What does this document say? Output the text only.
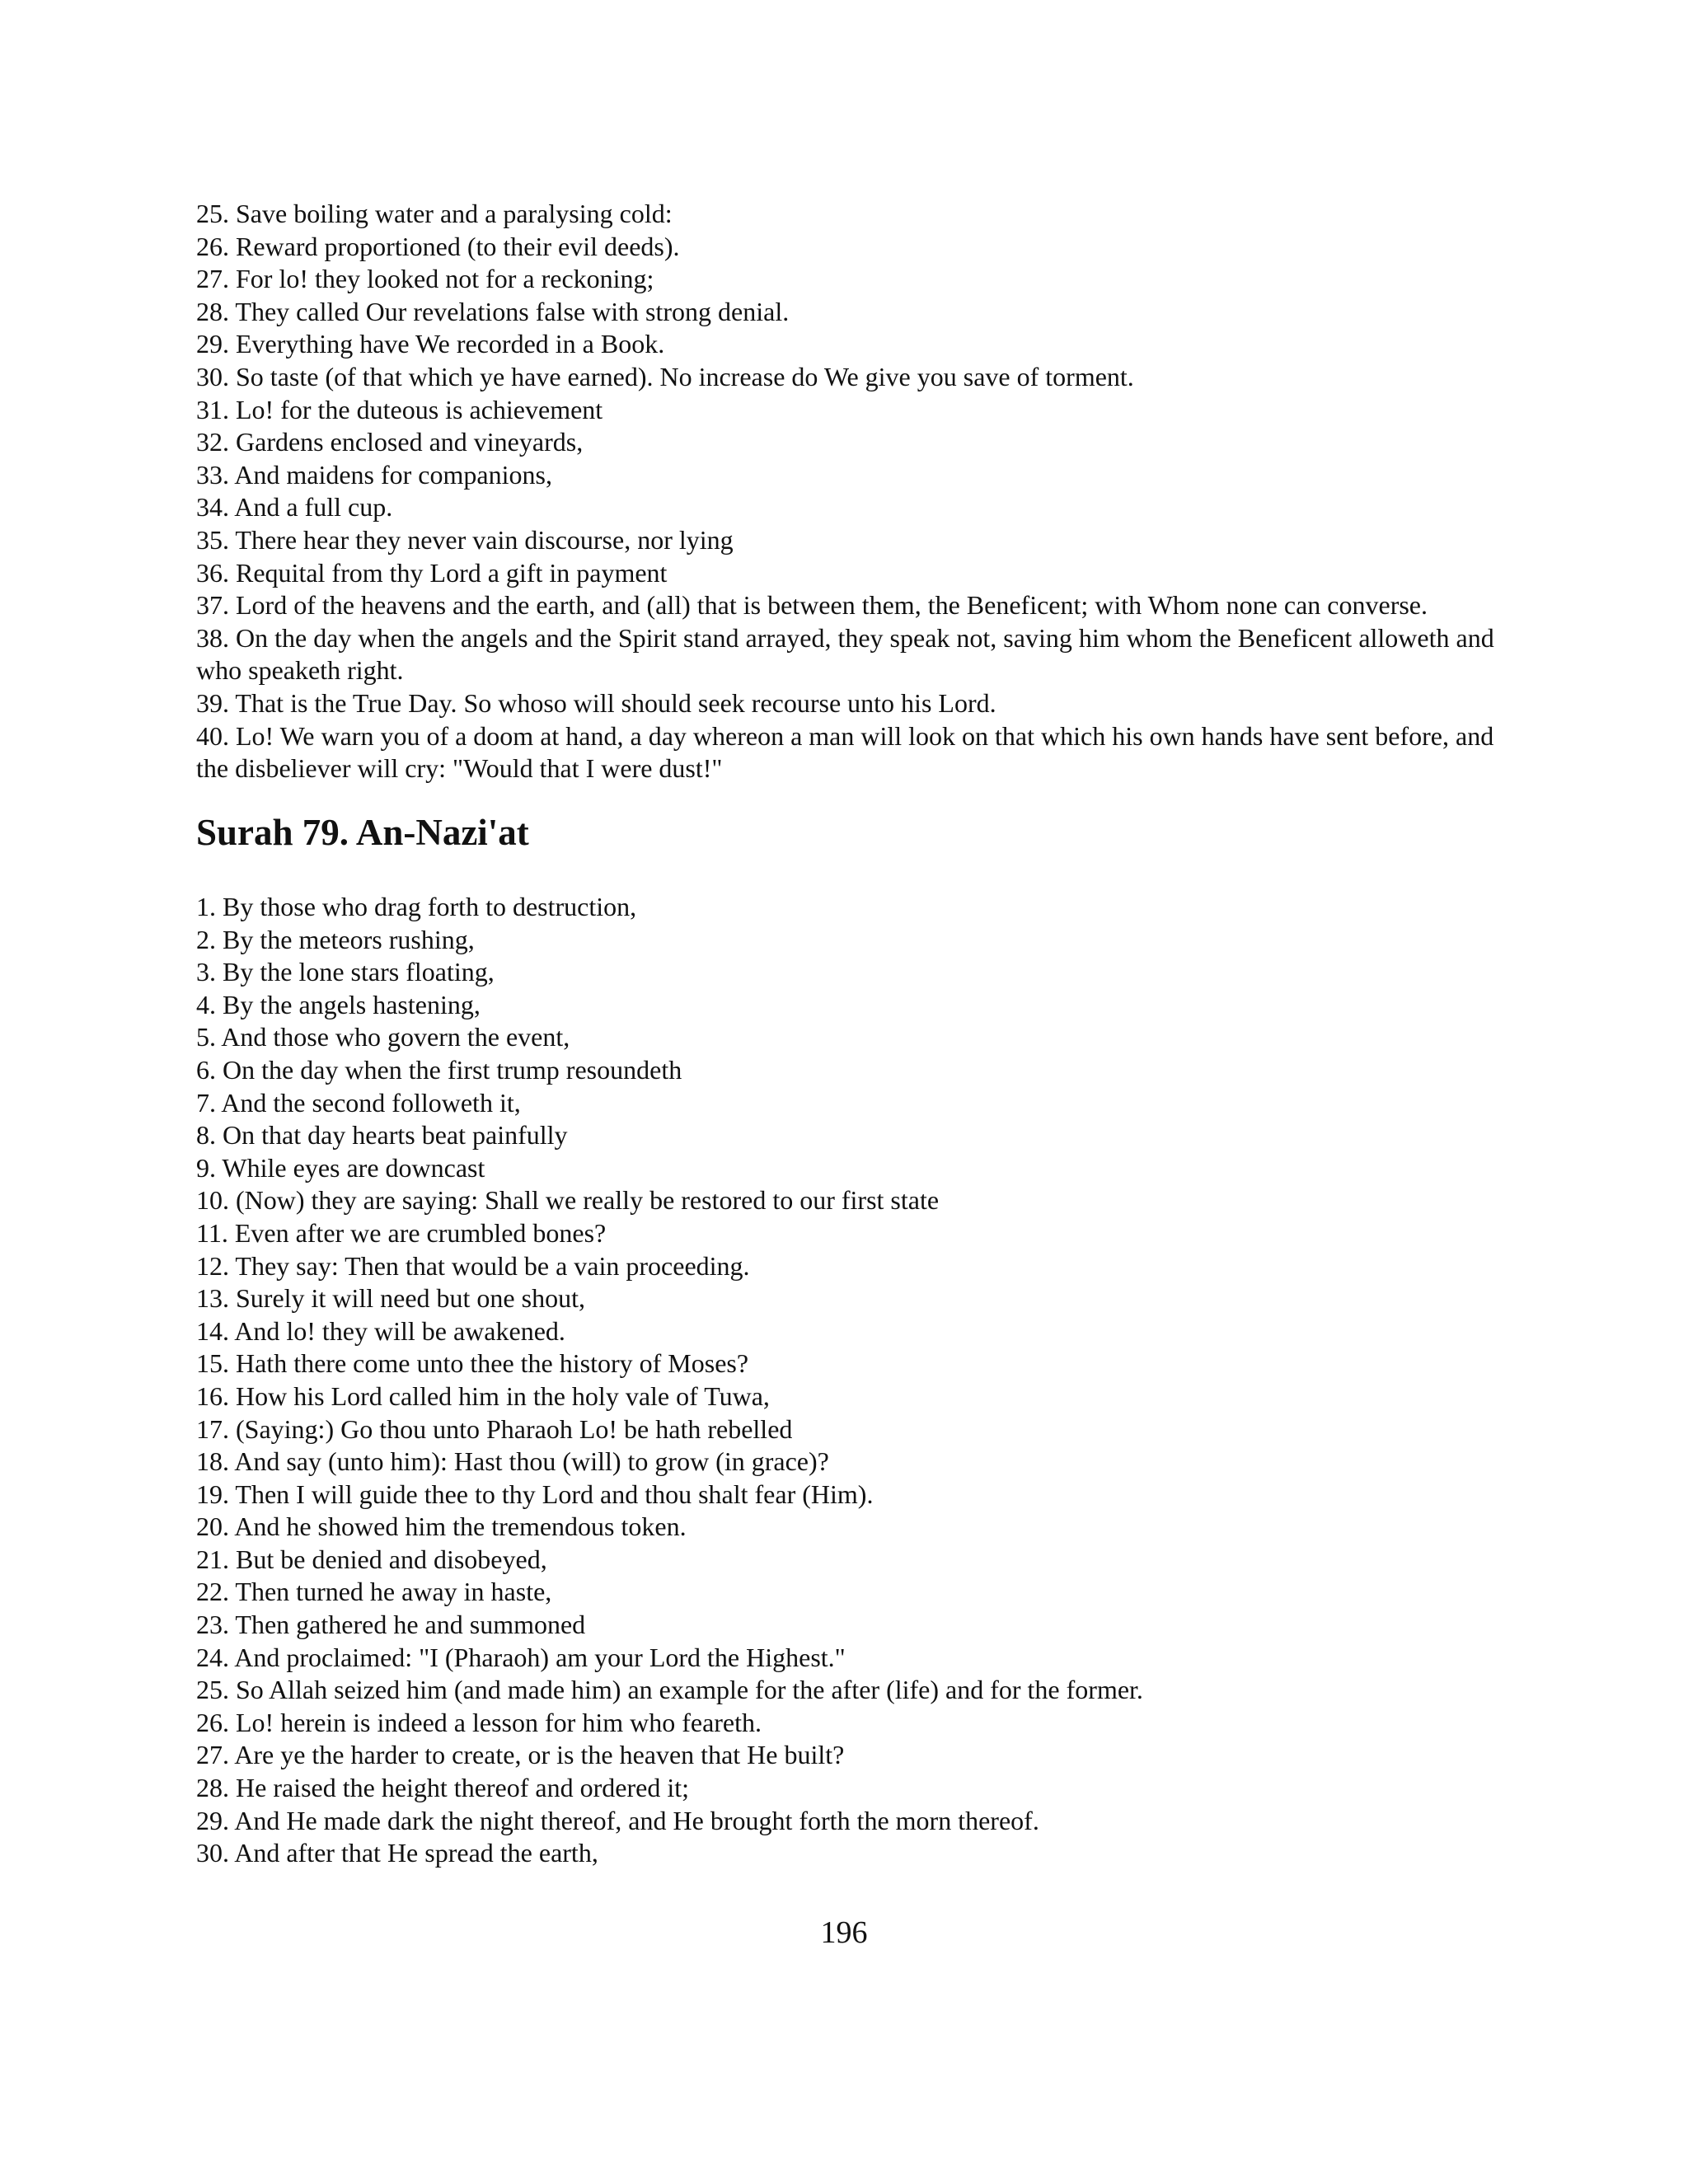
25. Save boiling water and a paralysing cold:

26. Reward proportioned (to their evil deeds).

27. For lo! they looked not for a reckoning;

28. They called Our revelations false with strong denial.

29. Everything have We recorded in a Book.

30. So taste (of that which ye have earned). No increase do We give you save of torment.

31. Lo! for the duteous is achievement

32. Gardens enclosed and vineyards,

33. And maidens for companions,

34. And a full cup.

35. There hear they never vain discourse, nor lying

36. Requital from thy Lord a gift in payment

37. Lord of the heavens and the earth, and (all) that is between them, the Beneficent; with Whom none can converse.

38. On the day when the angels and the Spirit stand arrayed, they speak not, saving him whom the Beneficent alloweth and who speaketh right.

39. That is the True Day. So whoso will should seek recourse unto his Lord.

40. Lo! We warn you of a doom at hand, a day whereon a man will look on that which his own hands have sent before, and the disbeliever will cry: "Would that I were dust!"

Surah 79. An-Nazi'at

1. By those who drag forth to destruction,

2. By the meteors rushing,

3. By the lone stars floating,

4. By the angels hastening,

5. And those who govern the event,

6. On the day when the first trump resoundeth

7. And the second followeth it,

8. On that day hearts beat painfully

9. While eyes are downcast

10. (Now) they are saying: Shall we really be restored to our first state

11. Even after we are crumbled bones?

12. They say: Then that would be a vain proceeding.

13. Surely it will need but one shout,

14. And lo! they will be awakened.

15. Hath there come unto thee the history of Moses?

16. How his Lord called him in the holy vale of Tuwa,

17. (Saying:) Go thou unto Pharaoh Lo! be hath rebelled

18. And say (unto him): Hast thou (will) to grow (in grace)?

19. Then I will guide thee to thy Lord and thou shalt fear (Him).

20. And he showed him the tremendous token.

21. But be denied and disobeyed,

22. Then turned he away in haste,

23. Then gathered he and summoned

24. And proclaimed: "I (Pharaoh) am your Lord the Highest."

25. So Allah seized him (and made him) an example for the after (life) and for the former.

26. Lo! herein is indeed a lesson for him who feareth.

27. Are ye the harder to create, or is the heaven that He built?

28. He raised the height thereof and ordered it;

29. And He made dark the night thereof, and He brought forth the morn thereof.

30. And after that He spread the earth,

196
